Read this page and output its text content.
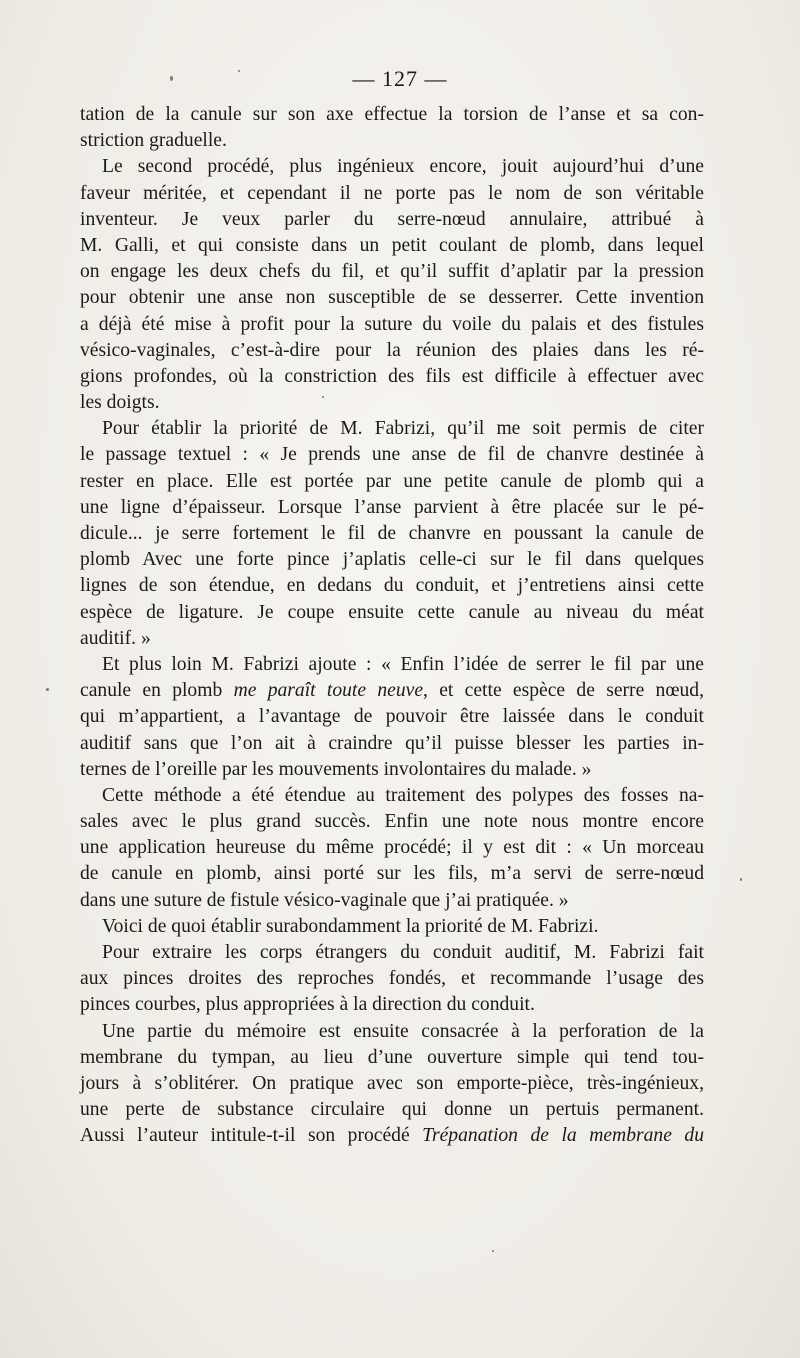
— 127 —
tation de la canule sur son axe effectue la torsion de l’anse et sa con-
striction graduelle.
Le second procédé, plus ingénieux encore, jouit aujourd’hui d’une
faveur méritée, et cependant il ne porte pas le nom de son véritable
inventeur. Je veux parler du serre-nœud annulaire, attribué à
M. Galli, et qui consiste dans un petit coulant de plomb, dans lequel
on engage les deux chefs du fil, et qu’il suffit d’aplatir par la pression
pour obtenir une anse non susceptible de se desserrer. Cette invention
a déjà été mise à profit pour la suture du voile du palais et des fistules
vésico-vaginales, c’est-à-dire pour la réunion des plaies dans les ré-
gions profondes, où la constriction des fils est difficile à effectuer avec
les doigts.
Pour établir la priorité de M. Fabrizi, qu’il me soit permis de citer
le passage textuel : « Je prends une anse de fil de chanvre destinée à
rester en place. Elle est portée par une petite canule de plomb qui a
une ligne d’épaisseur. Lorsque l’anse parvient à être placée sur le pé-
dicule... je serre fortement le fil de chanvre en poussant la canule de
plomb Avec une forte pince j’aplatis celle-ci sur le fil dans quelques
lignes de son étendue, en dedans du conduit, et j’entretiens ainsi cette
espèce de ligature. Je coupe ensuite cette canule au niveau du méat
auditif. »
Et plus loin M. Fabrizi ajoute : « Enfin l’idée de serrer le fil par une
canule en plomb me paraît toute neuve, et cette espèce de serre nœud,
qui m’appartient, a l’avantage de pouvoir être laissée dans le conduit
auditif sans que l’on ait à craindre qu’il puisse blesser les parties in-
ternes de l’oreille par les mouvements involontaires du malade. »
Cette méthode a été étendue au traitement des polypes des fosses na-
sales avec le plus grand succès. Enfin une note nous montre encore
une application heureuse du même procédé; il y est dit : « Un morceau
de canule en plomb, ainsi porté sur les fils, m’a servi de serre-nœud
dans une suture de fistule vésico-vaginale que j’ai pratiquée. »
Voici de quoi établir surabondamment la priorité de M. Fabrizi.
Pour extraire les corps étrangers du conduit auditif, M. Fabrizi fait
aux pinces droites des reproches fondés, et recommande l’usage des
pinces courbes, plus appropriées à la direction du conduit.
Une partie du mémoire est ensuite consacrée à la perforation de la
membrane du tympan, au lieu d’une ouverture simple qui tend tou-
jours à s’oblitérer. On pratique avec son emporte-pièce, très-ingénieux,
une perte de substance circulaire qui donne un pertuis permanent.
Aussi l’auteur intitule-t-il son procédé Trépanation de la membrane du
